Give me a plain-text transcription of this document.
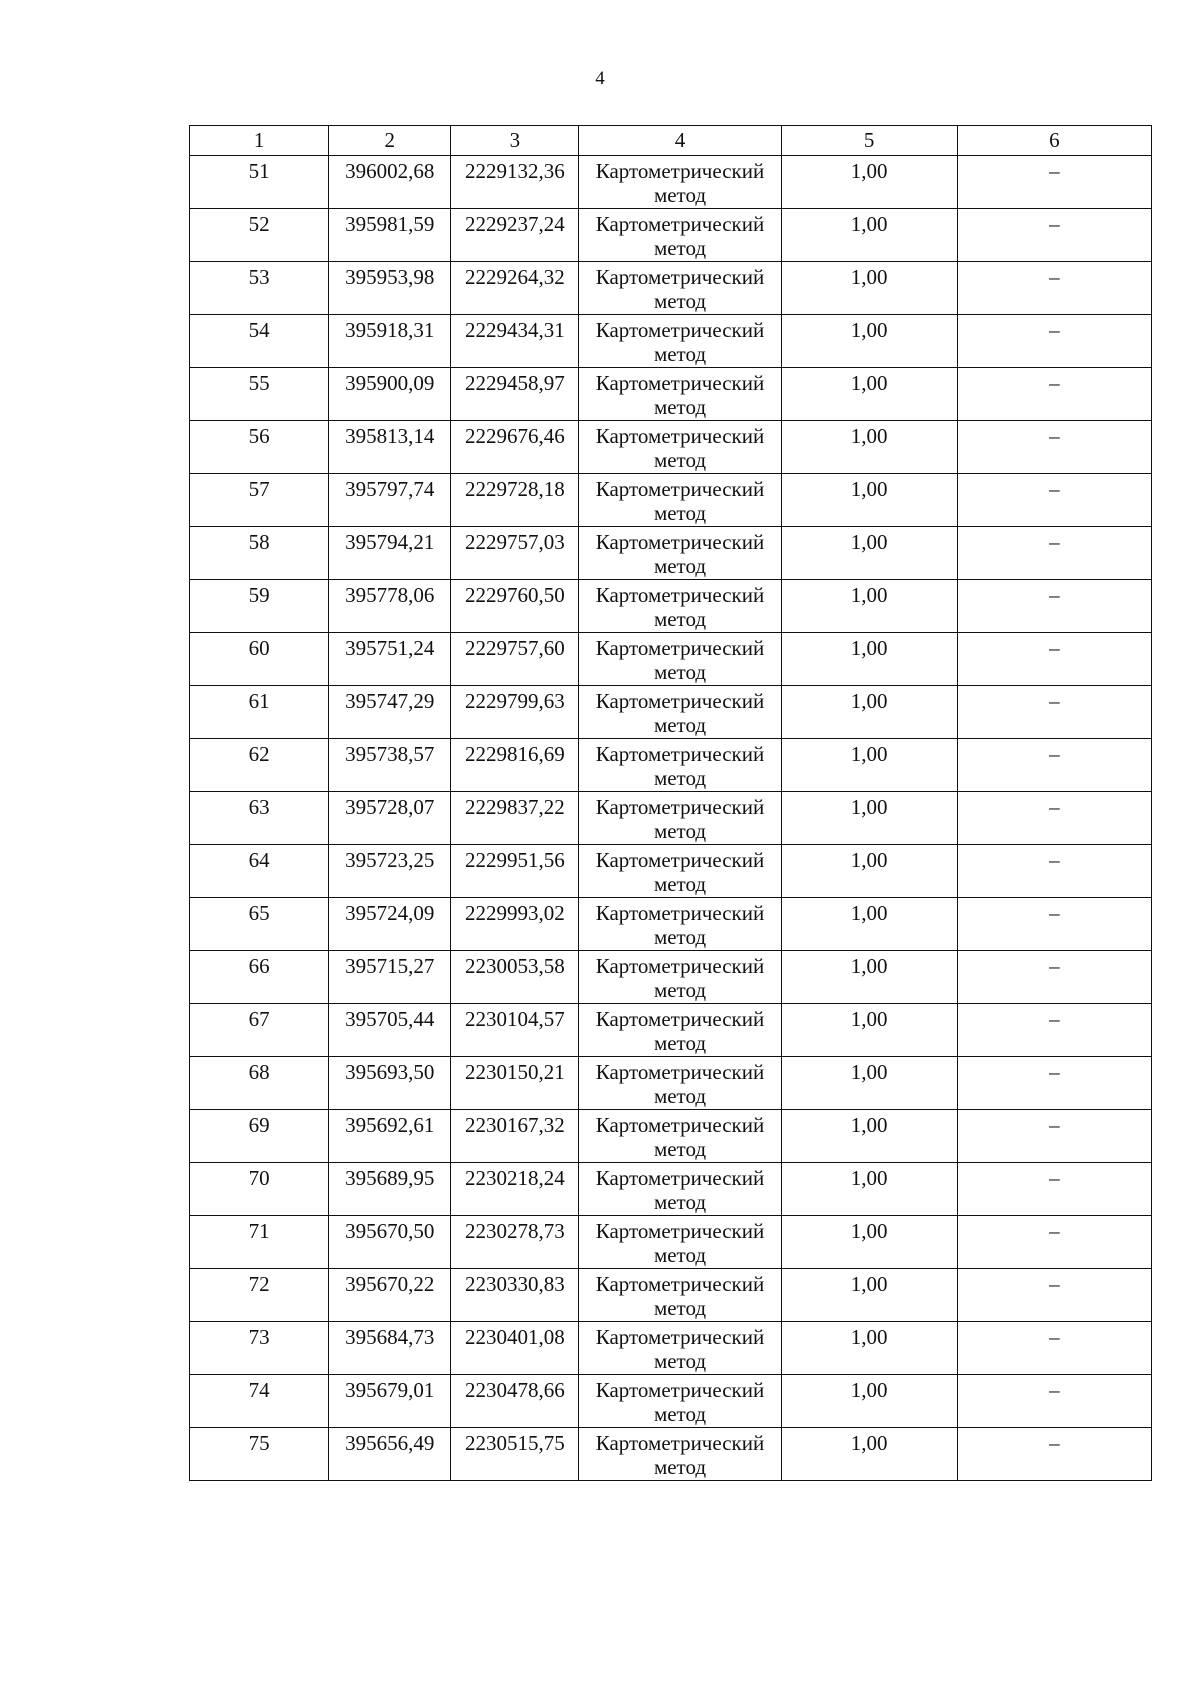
4
1	2	3	4	5	6
51	396002,68	2229132,36	Картометрический метод	1,00	–
52	395981,59	2229237,24	Картометрический метод	1,00	–
53	395953,98	2229264,32	Картометрический метод	1,00	–
54	395918,31	2229434,31	Картометрический метод	1,00	–
55	395900,09	2229458,97	Картометрический метод	1,00	–
56	395813,14	2229676,46	Картометрический метод	1,00	–
57	395797,74	2229728,18	Картометрический метод	1,00	–
58	395794,21	2229757,03	Картометрический метод	1,00	–
59	395778,06	2229760,50	Картометрический метод	1,00	–
60	395751,24	2229757,60	Картометрический метод	1,00	–
61	395747,29	2229799,63	Картометрический метод	1,00	–
62	395738,57	2229816,69	Картометрический метод	1,00	–
63	395728,07	2229837,22	Картометрический метод	1,00	–
64	395723,25	2229951,56	Картометрический метод	1,00	–
65	395724,09	2229993,02	Картометрический метод	1,00	–
66	395715,27	2230053,58	Картометрический метод	1,00	–
67	395705,44	2230104,57	Картометрический метод	1,00	–
68	395693,50	2230150,21	Картометрический метод	1,00	–
69	395692,61	2230167,32	Картометрический метод	1,00	–
70	395689,95	2230218,24	Картометрический метод	1,00	–
71	395670,50	2230278,73	Картометрический метод	1,00	–
72	395670,22	2230330,83	Картометрический метод	1,00	–
73	395684,73	2230401,08	Картометрический метод	1,00	–
74	395679,01	2230478,66	Картометрический метод	1,00	–
75	395656,49	2230515,75	Картометрический метод	1,00	–
